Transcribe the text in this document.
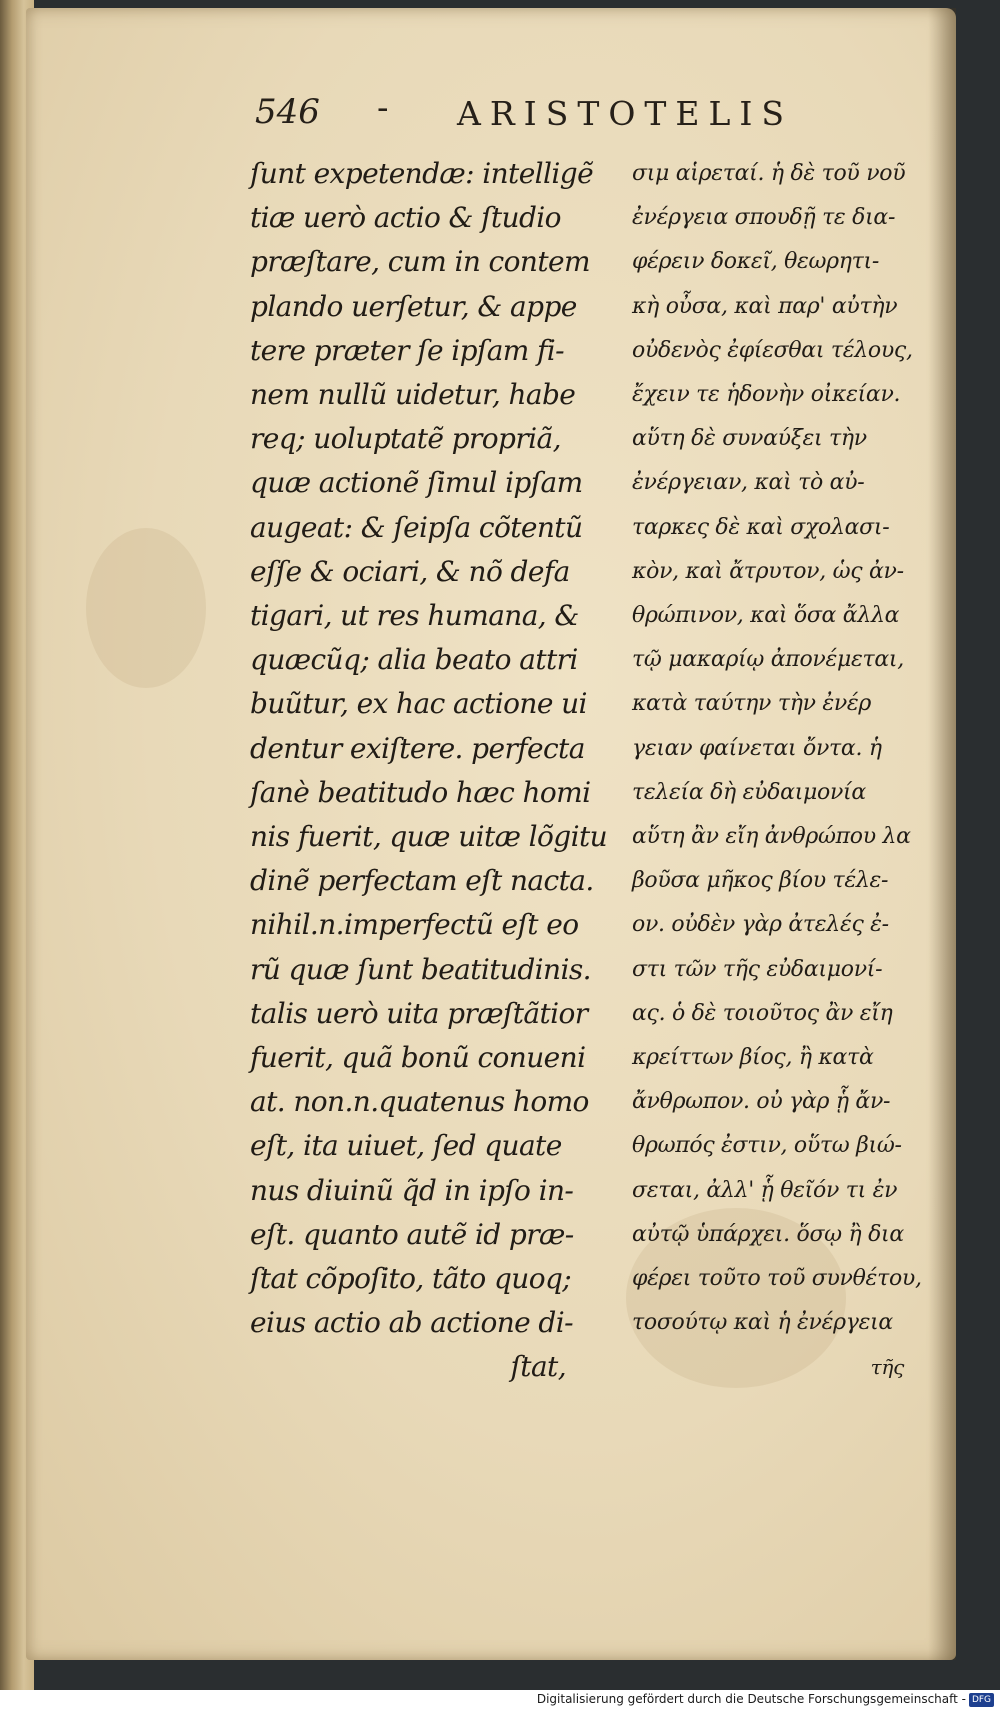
546 - ARISTOTELIS
ſunt expetendæ: intelligẽ
tiæ uerò actio & ſtudio
præſtare, cum in contem
plando uerſetur, & appe
tere præter ſe ipſam fi-
nem nullũ uidetur, habe
req; uoluptatẽ propriã,
quæ actionẽ ſimul ipſam
augeat: & ſeipſa cõtentũ
eſſe & ociari, & nõ defa
tigari, ut res humana, &
quæcũq; alia beato attri
buũtur, ex hac actione ui
dentur exiſtere. perfecta
ſanè beatitudo hæc homi
nis fuerit, quæ uitæ lõgitu
dinẽ perfectam eſt nacta.
nihil.n.imperfectũ eſt eo
rũ quæ ſunt beatitudinis.
talis uerò uita præſtãtior
fuerit, quã bonũ conueni
at. non.n.quatenus homo
eſt, ita uiuet, ſed quate
nus diuinũ q̃d in ipſo in-
eſt. quanto autẽ id præ-
ſtat cõpoſito, tãto quoq;
eius actio ab actione di-
ſtat,
σιμ αἱρεταί. ἡ δὲ τοῦ νοῦ
ἐνέργεια σπουδῇ τε δια-
φέρειν δοκεῖ, θεωρητι-
κὴ οὖσα, καὶ παρ' αὐτὴν
οὐδενὸς ἐφίεσθαι τέλους,
ἔχειν τε ἡδονὴν οἰκείαν.
αὕτη δὲ συναύξει τὴν
ἐνέργειαν, καὶ τὸ αὐ-
ταρκες δὲ καὶ σχολασι-
κὸν, καὶ ἄτρυτον, ὡς ἀν-
θρώπινον, καὶ ὅσα ἄλλα
τῷ μακαρίῳ ἀπονέμεται,
κατὰ ταύτην τὴν ἐνέρ
γειαν φαίνεται ὄντα. ἡ
τελεία δὴ εὐδαιμονία
αὕτη ἂν εἴη ἀνθρώπου λα
βοῦσα μῆκος βίου τέλε-
ον. οὐδὲν γὰρ ἀτελές ἐ-
στι τῶν τῆς εὐδαιμονί-
ας. ὁ δὲ τοιοῦτος ἂν εἴη
κρείττων βίος, ἢ κατὰ
ἄνθρωπον. οὐ γὰρ ᾗ ἄν-
θρωπός ἐστιν, οὕτω βιώ-
σεται, ἀλλ' ᾗ θεῖόν τι ἐν
αὐτῷ ὑπάρχει. ὅσῳ ἢ δια
φέρει τοῦτο τοῦ συνθέτου,
τοσούτῳ καὶ ἡ ἐνέργεια
τῆς
Digitalisierung gefördert durch die Deutsche Forschungsgemeinschaft - DFG
